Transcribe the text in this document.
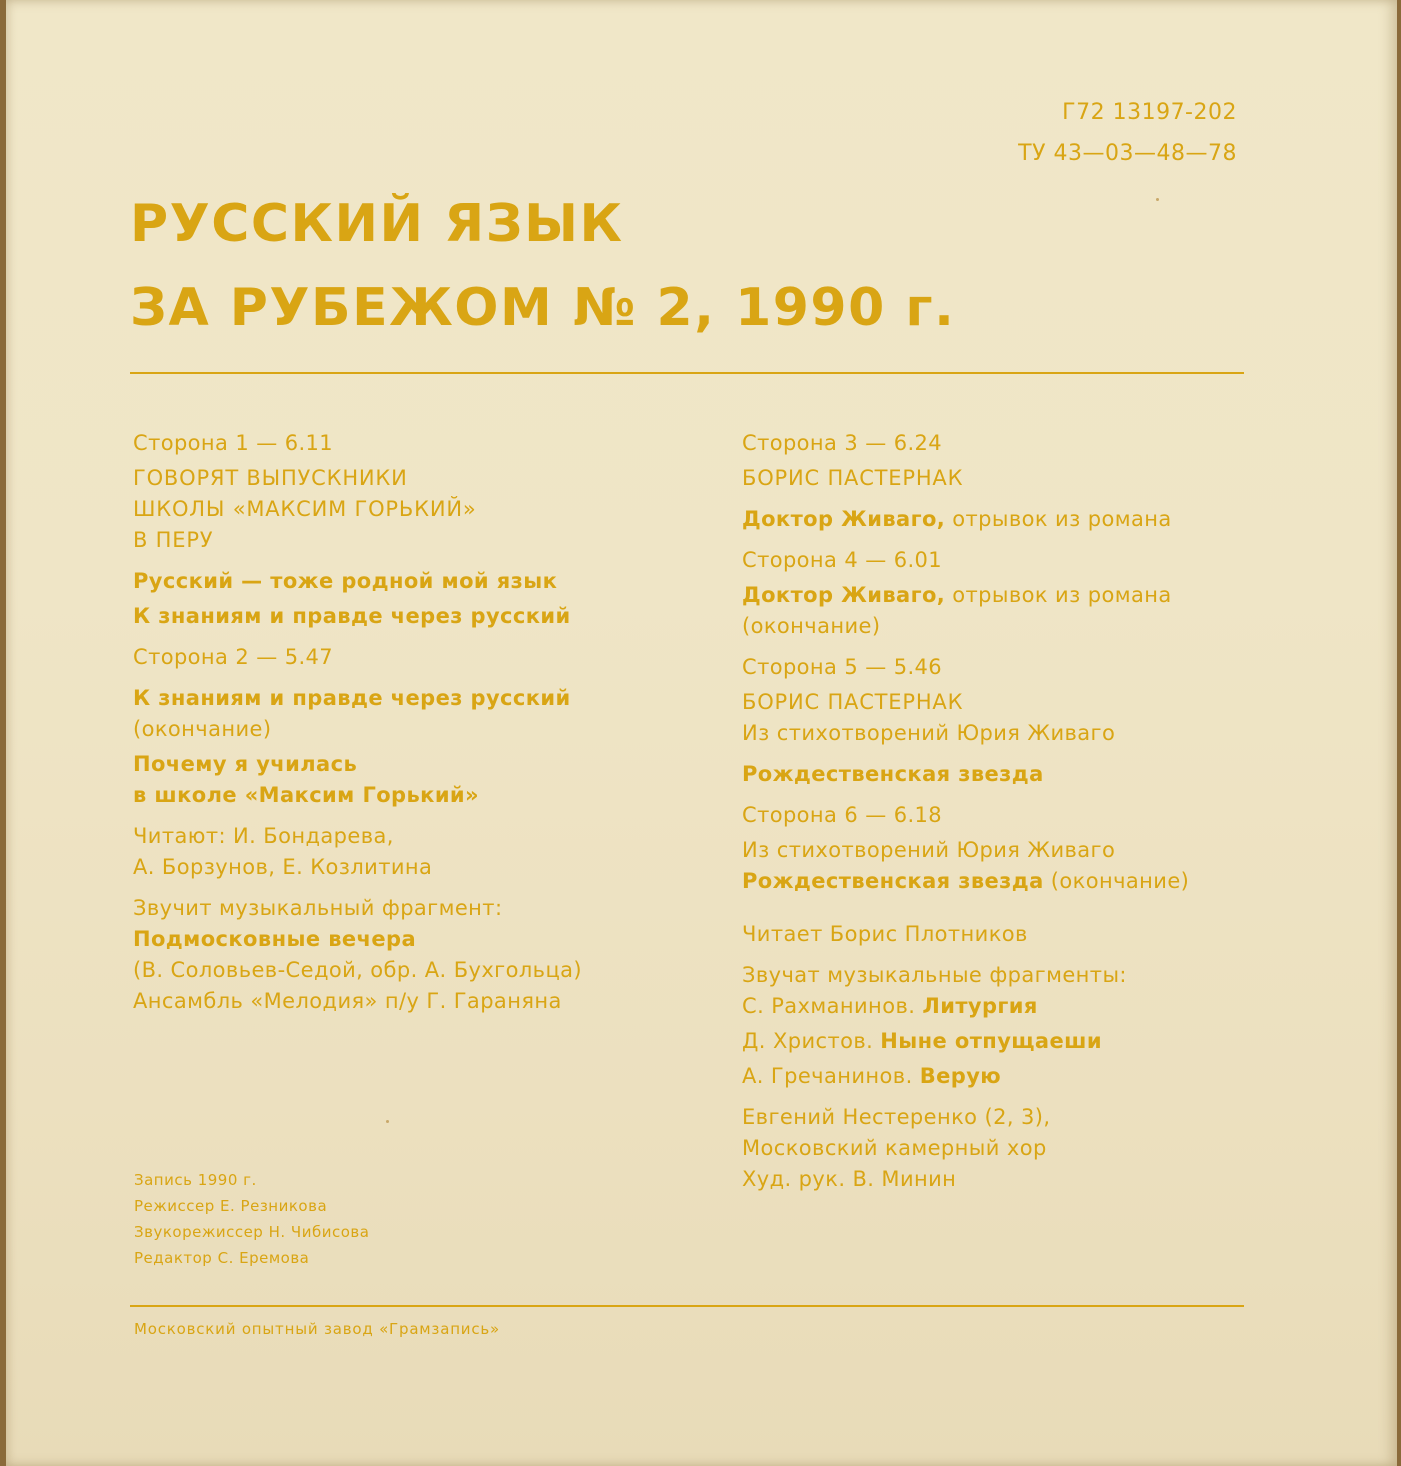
Г72 13197-202
ТУ 43—03—48—78
РУССКИЙ ЯЗЫК
ЗА РУБЕЖОМ № 2, 1990 г.
Сторона 1 — 6.11
ГОВОРЯТ ВЫПУСКНИКИ
ШКОЛЫ «МАКСИМ ГОРЬКИЙ»
В ПЕРУ
Русский — тоже родной мой язык
К знаниям и правде через русский
Сторона 2 — 5.47
К знаниям и правде через русский
(окончание)
Почему я училась
в школе «Максим Горький»
Читают: И. Бондарева,
А. Борзунов, Е. Козлитина
Звучит музыкальный фрагмент:
Подмосковные вечера
(В. Соловьев-Седой, обр. А. Бухгольца)
Ансамбль «Мелодия» п/у Г. Гараняна
Сторона 3 — 6.24
БОРИС ПАСТЕРНАК
Доктор Живаго, отрывок из романа
Сторона 4 — 6.01
Доктор Живаго, отрывок из романа
(окончание)
Сторона 5 — 5.46
БОРИС ПАСТЕРНАК
Из стихотворений Юрия Живаго
Рождественская звезда
Сторона 6 — 6.18
Из стихотворений Юрия Живаго
Рождественская звезда (окончание)
Читает Борис Плотников
Звучат музыкальные фрагменты:
С. Рахманинов. Литургия
Д. Христов. Ныне отпущаеши
А. Гречанинов. Верую
Евгений Нестеренко (2, 3),
Московский камерный хор
Худ. рук. В. Минин
Запись 1990 г.
Режиссер Е. Резникова
Звукорежиссер Н. Чибисова
Редактор С. Еремова
Московский опытный завод «Грамзапись»
